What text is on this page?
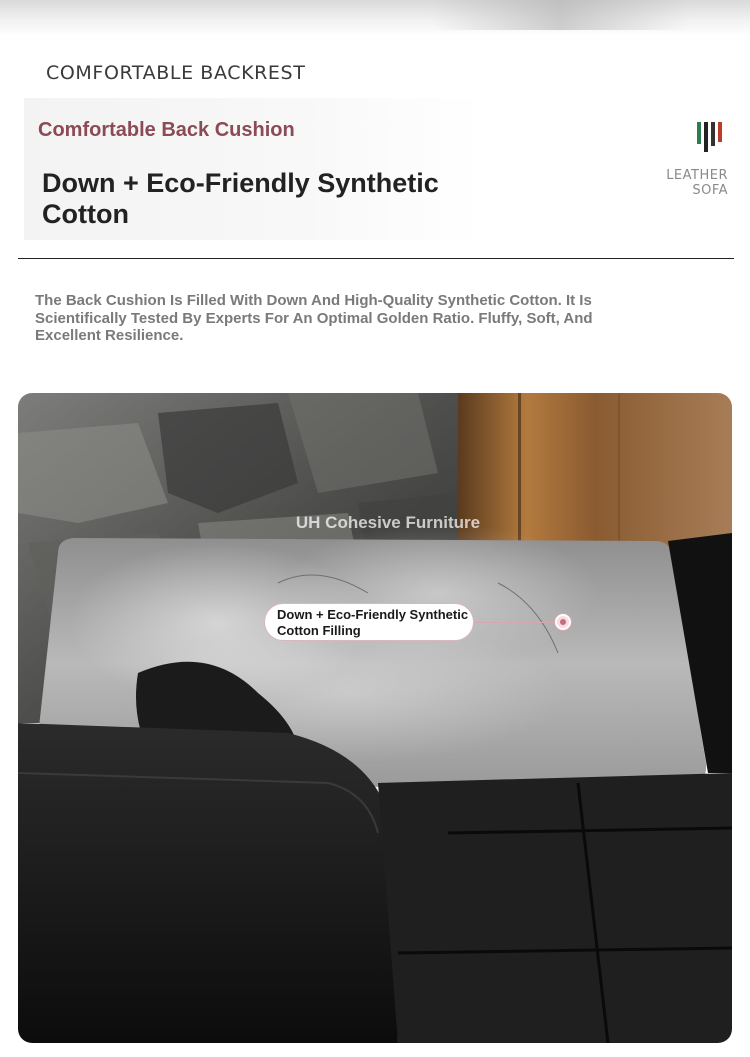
COMFORTABLE BACKREST
Comfortable Back Cushion
Down + Eco-Friendly Synthetic Cotton
LEATHER
SOFA

The Back Cushion Is Filled With Down And High-Quality Synthetic Cotton. It Is Scientifically Tested By Experts For An Optimal Golden Ratio. Fluffy, Soft, And Excellent Resilience.

UH Cohesive Furniture
Down + Eco-Friendly Synthetic Cotton Filling
